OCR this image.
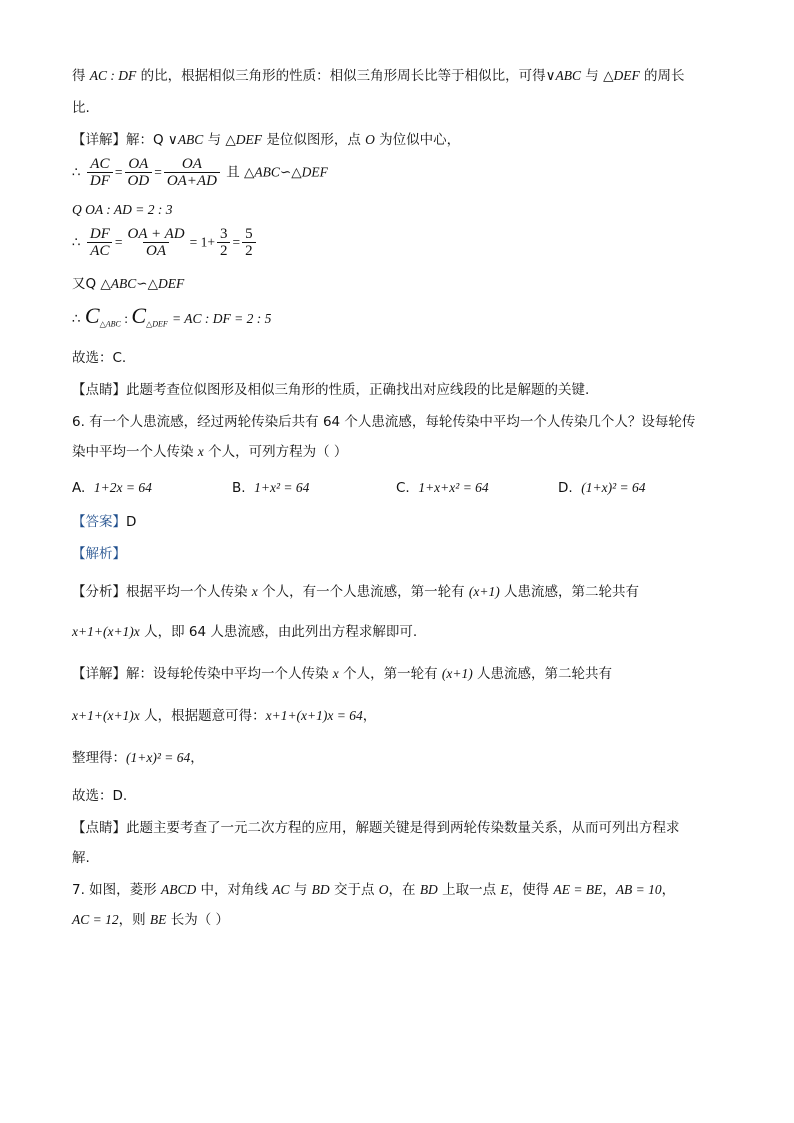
得 AC : DF 的比，根据相似三角形的性质：相似三角形周长比等于相似比，可得∨ABC 与 △DEF 的周长
比.
【详解】解：Q ∨ABC 与 △DEF 是位似图形，点 O 为位似中心，
∴ $\frac{AC}{DF} = \frac{OA}{OD} = \frac{OA}{OA+AD}$ 且 △ABC∽△DEF
Q OA : AD = 2 : 3
∴ $\frac{DF}{AC} = \frac{OA + AD}{OA} = 1+ \frac{3}{2} = \frac{5}{2}$
又Q △ABC∽△DEF
∴ $C_{\triangle ABC}$ : $C_{\triangle DEF}$ = AC : DF = 2 : 5
故选：C.
【点睛】此题考查位似图形及相似三角形的性质，正确找出对应线段的比是解题的关键.
6. 有一个人患流感，经过两轮传染后共有 64 个人患流感，每轮传染中平均一个人传染几个人？设每轮传
染中平均一个人传染 x 个人，可列方程为（ ）
A. 1+2x = 64	B. 1+x² = 64	C. 1+x+x² = 64	D. (1+x)² = 64
【答案】D
【解析】
【分析】根据平均一个人传染 x 个人，有一个人患流感，第一轮有 (x+1) 人患流感，第二轮共有
x+1+(x+1)x 人，即 64 人患流感，由此列出方程求解即可.
【详解】解：设每轮传染中平均一个人传染 x 个人，第一轮有 (x+1) 人患流感，第二轮共有
x+1+(x+1)x 人，根据题意可得：x+1+(x+1)x = 64，
整理得：(1+x)² = 64，
故选：D.
【点睛】此题主要考查了一元二次方程的应用，解题关键是得到两轮传染数量关系，从而可列出方程求
解.
7. 如图，菱形 ABCD 中，对角线 AC 与 BD 交于点 O，在 BD 上取一点 E，使得 AE = BE，AB = 10，
AC = 12，则 BE 长为（ ）
